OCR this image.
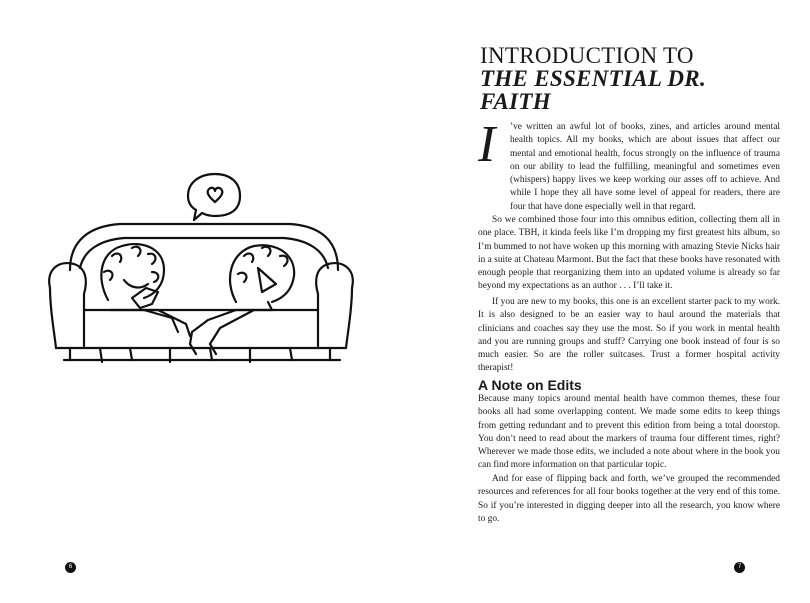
6
INTRODUCTION TO
THE ESSENTIAL DR.
FAITH
I	’ve written an awful lot of books, zines, and articles around mental health topics. All my books, which are about issues that affect our mental and emotional health, focus strongly on the influence of trauma on our ability to lead the fulfilling, meaningful and sometimes even (whispers) happy lives we keep working our asses off to achieve. And while I hope they all have some level of appeal for readers, there are four that have done especially well in that regard.

So we combined those four into this omnibus edition, collecting them all in one place. TBH, it kinda feels like I’m dropping my first greatest hits album, so I’m bummed to not have woken up this morning with amazing Stevie Nicks hair in a suite at Chateau Marmont. But the fact that these books have resonated with enough people that reorganizing them into an updated volume is already so far beyond my expectations as an author . . . I’ll take it.

If you are new to my books, this one is an excellent starter pack to my work. It is also designed to be an easier way to haul around the materials that clinicians and coaches say they use the most. So if you work in mental health and you are running groups and stuff? Carrying one book instead of four is so much easier. So are the roller suitcases. Trust a former hospital activity therapist!

A Note on Edits

Because many topics around mental health have common themes, these four books all had some overlapping content. We made some edits to keep things from getting redundant and to prevent this edition from being a total doorstop. You don’t need to read about the markers of trauma four different times, right? Wherever we made those edits, we included a note about where in the book you can find more information on that particular topic.

And for ease of flipping back and forth, we’ve grouped the recommended resources and references for all four books together at the very end of this tome. So if you’re interested in digging deeper into all the research, you know where to go.

7
